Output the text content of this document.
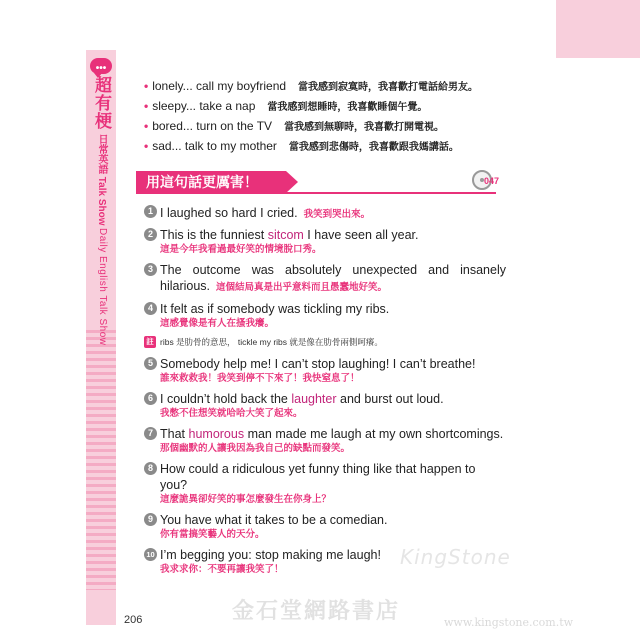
•••
超有梗
日常英語 Talk Show
Daily English Talk Show
• lonely... call my boyfriend 當我感到寂寞時，我喜歡打電話給男友。
• sleepy... take a nap 當我感到想睡時，我喜歡睡個午覺。
• bored... turn on the TV 當我感到無聊時，我喜歡打開電視。
• sad... talk to my mother 當我感到悲傷時，我喜歡跟我媽講話。
用這句話更厲害！	047
1 I laughed so hard I cried. 我笑到哭出來。
2 This is the funniest sitcom I have seen all year.
這是今年我看過最好笑的情境脫口秀。
3 The outcome was absolutely unexpected and insanely hilarious. 這個結局真是出乎意料而且愚蠢地好笑。
4 It felt as if somebody was tickling my ribs.
這感覺像是有人在搔我癢。
註 ribs 是肋骨的意思， tickle my ribs 就是像在肋骨兩側呵癢。
5 Somebody help me! I can’t stop laughing! I can’t breathe!
誰來救救我！我笑到停不下來了！我快窒息了！
6 I couldn’t hold back the laughter and burst out loud.
我憋不住想笑就哈哈大笑了起來。
7 That humorous man made me laugh at my own shortcomings.
那個幽默的人讓我因為我自己的缺點而發笑。
8 How could a ridiculous yet funny thing like that happen to you?
這麼詭異卻好笑的事怎麼發生在你身上？
9 You have what it takes to be a comedian.
你有當搞笑藝人的天分。
10 I’m begging you: stop making me laugh!
我求求你：不要再讓我笑了！
KingStone
金石堂網路書店	www.kingstone.com.tw
206
